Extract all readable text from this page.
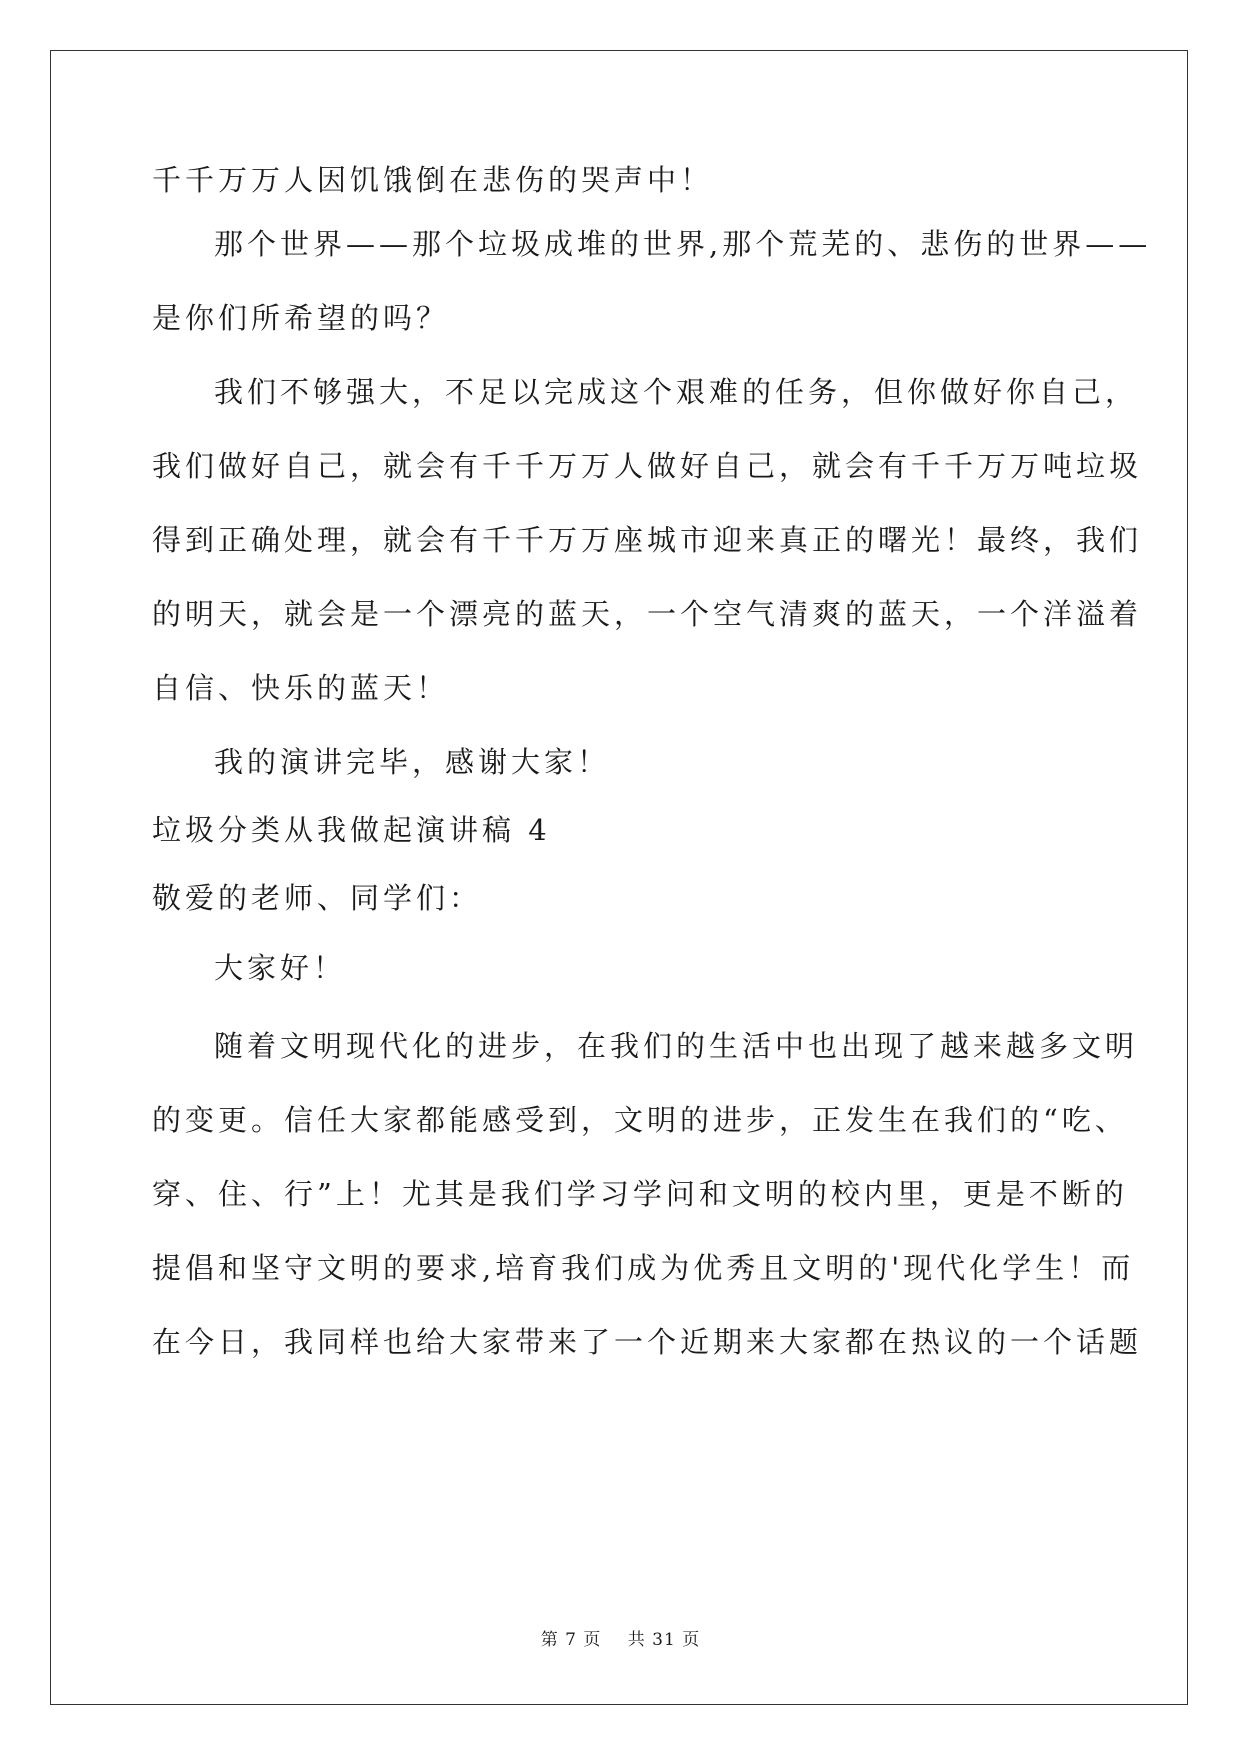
千千万万人因饥饿倒在悲伤的哭声中！
那个世界——那个垃圾成堆的世界,那个荒芜的、悲伤的世界——
是你们所希望的吗？
我们不够强大，不足以完成这个艰难的任务，但你做好你自己，
我们做好自己，就会有千千万万人做好自己，就会有千千万万吨垃圾
得到正确处理，就会有千千万万座城市迎来真正的曙光！最终，我们
的明天，就会是一个漂亮的蓝天，一个空气清爽的蓝天，一个洋溢着
自信、快乐的蓝天！
我的演讲完毕，感谢大家！
垃圾分类从我做起演讲稿 4
敬爱的老师、同学们：
大家好！
随着文明现代化的进步，在我们的生活中也出现了越来越多文明
的变更。信任大家都能感受到，文明的进步，正发生在我们的“吃、
穿、住、行”上！尤其是我们学习学问和文明的校内里，更是不断的
提倡和坚守文明的要求,培育我们成为优秀且文明的'现代化学生！而
在今日，我同样也给大家带来了一个近期来大家都在热议的一个话题
第 7 页 共 31 页
